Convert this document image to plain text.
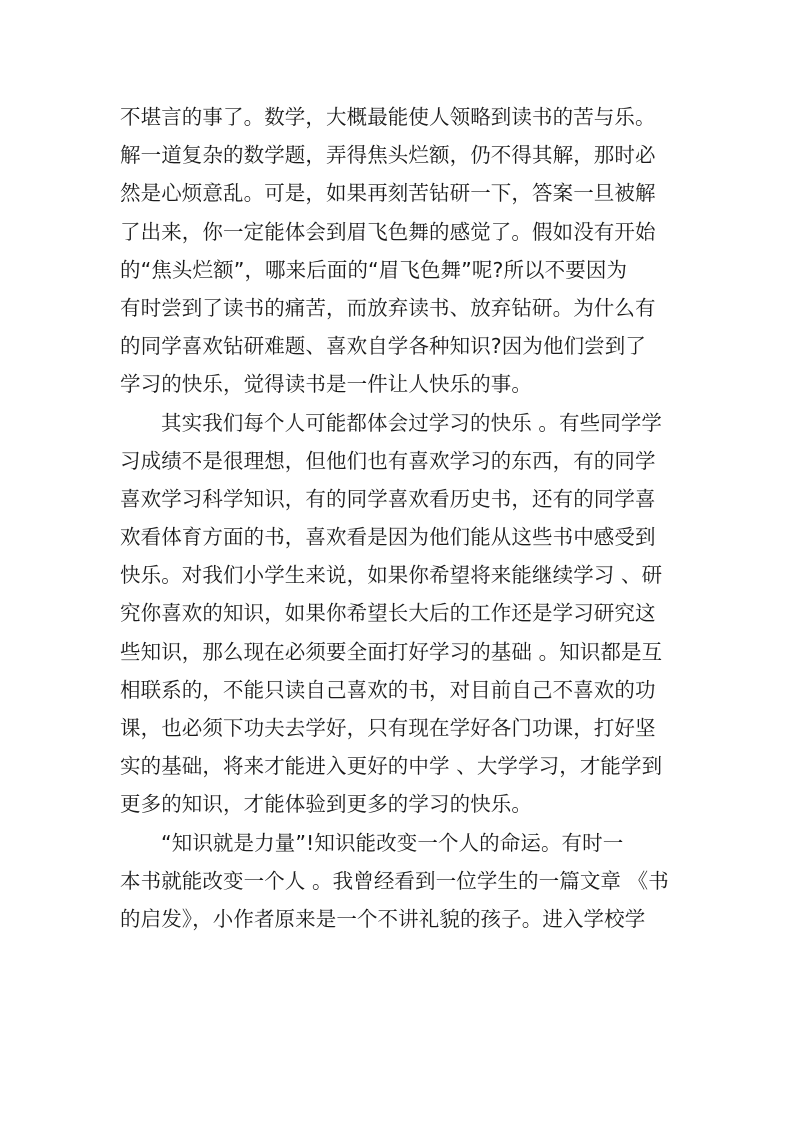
不堪言的事了。数学，大概最能使人领略到读书的苦与乐。
解一道复杂的数学题，弄得焦头烂额，仍不得其解，那时必
然是心烦意乱。可是，如果再刻苦钻研一下，答案一旦被解
了出来，你一定能体会到眉飞色舞的感觉了。假如没有开始
的“焦头烂额”，哪来后面的“眉飞色舞”呢?所以不要因为
有时尝到了读书的痛苦，而放弃读书、放弃钻研。为什么有
的同学喜欢钻研难题、喜欢自学各种知识?因为他们尝到了
学习的快乐，觉得读书是一件让人快乐的事。
其实我们每个人可能都体会过学习的快乐 。有些同学学
习成绩不是很理想，但他们也有喜欢学习的东西，有的同学
喜欢学习科学知识，有的同学喜欢看历史书，还有的同学喜
欢看体育方面的书，喜欢看是因为他们能从这些书中感受到
快乐。对我们小学生来说，如果你希望将来能继续学习 、研
究你喜欢的知识，如果你希望长大后的工作还是学习研究这
些知识，那么现在必须要全面打好学习的基础 。知识都是互
相联系的，不能只读自己喜欢的书，对目前自己不喜欢的功
课，也必须下功夫去学好，只有现在学好各门功课，打好坚
实的基础，将来才能进入更好的中学 、大学学习，才能学到
更多的知识，才能体验到更多的学习的快乐。
“知识就是力量”!知识能改变一个人的命运。有时一
本书就能改变一个人 。我曾经看到一位学生的一篇文章 《书
的启发》，小作者原来是一个不讲礼貌的孩子。进入学校学
